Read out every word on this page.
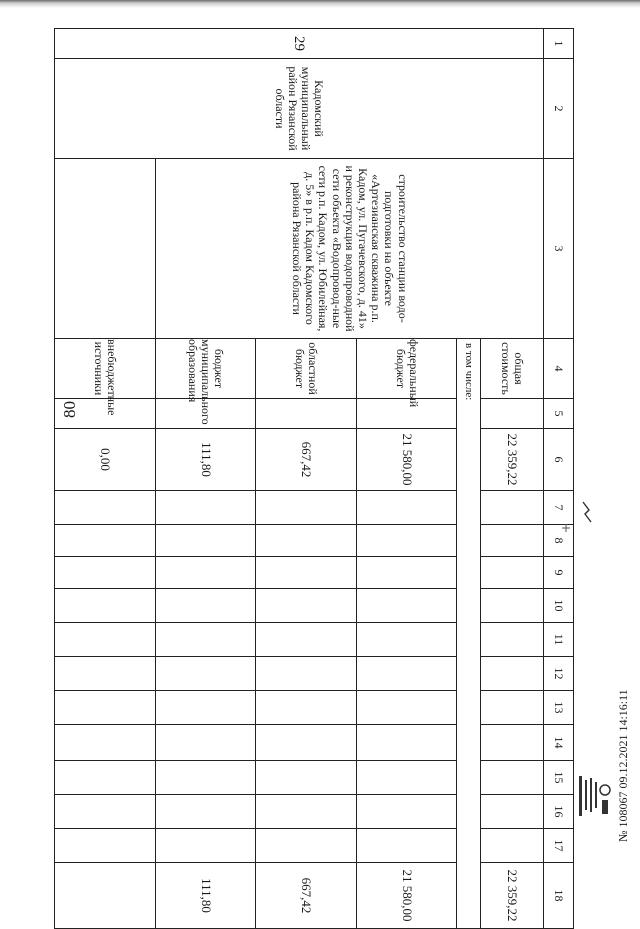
80
1	2	3	4	5	6	7	8	9	10	11	12	13	14	15	16	17	18
29	Кадомский муниципальный район Рязанской области	строительство станции водо-подготовки на объекте «Артезианская скважина р.п. Кадом, ул. Пугачевского, д. 41» и реконструкция водопроводной сети объекта «Водопровод-ные сети р.п. Кадом, ул. Юбилейная, д. 5» в р.п. Кадом Кадомского района Рязанской области	общая стоимость		22 359,22												22 359,22
			в том числе:														
			федеральный бюджет		21 580,00												21 580,00
			областной бюджет		667,42												667,42
			бюджет муниципального образования		111,80												111,80
			внебюджетные источники		0,00												
№ 108067 09.12.2021 14:16:11
